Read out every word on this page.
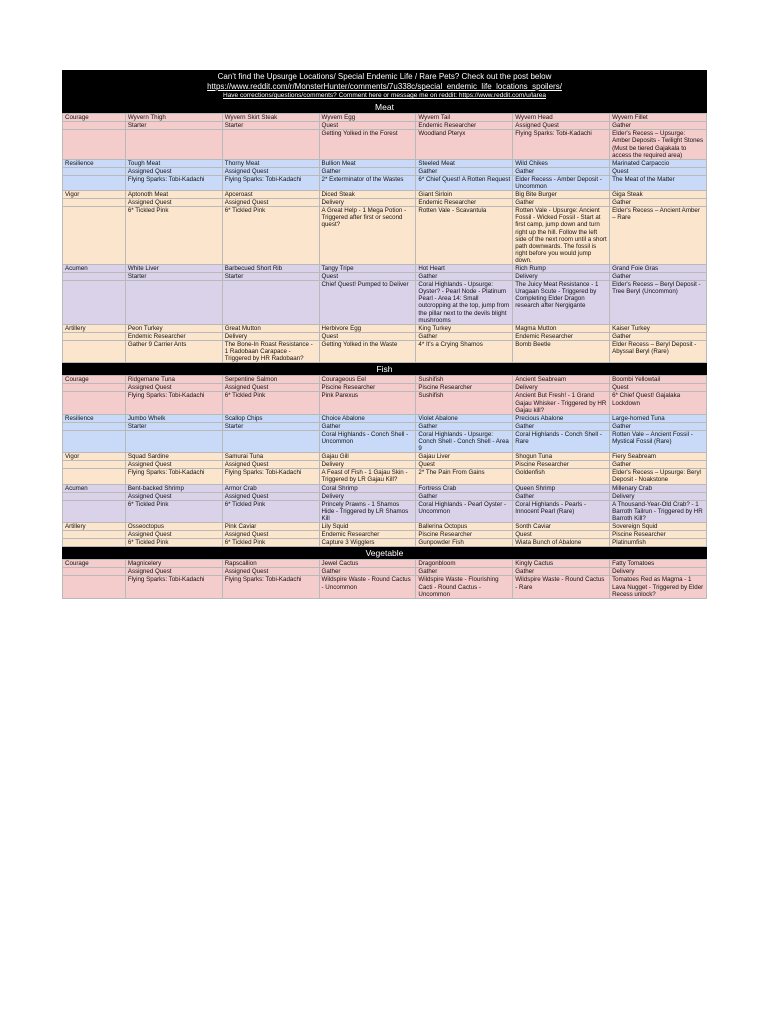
Can't find the Upsurge Locations/ Special Endemic Life / Rare Pets? Check out the post below
https://www.reddit.com/r/MonsterHunter/comments/7u338c/special_endemic_life_locations_spoilers/
Have corrections/questions/comments? Comment here or message me on reddit: https://www.reddit.com/u/larea
Meat
Courage	Wyvern Thigh	Wyvern Skirt Steak	Wyvern Egg	Wyvern Tail	Wyvern Head	Wyvern Fillet
	Starter	Starter	Quest	Endemic Researcher	Assigned Quest	Gather
			Getting Yolked in the Forest	Woodland Pteryx	Flying Sparks: Tobi-Kadachi	Elder's Recess – Upsurge: Amber Deposits - Twilight Stones (Must be tiered Gajakala to access the required area)
Resilience	Tough Meat	Thorny Meat	Bullion Meat	Steeled Meat	Wild Chikes	Marinated Carpaccio
	Assigned Quest	Assigned Quest	Gather	Gather	Gather	Quest
	Flying Sparks: Tobi-Kadachi	Flying Sparks: Tobi-Kadachi	2* Exterminator of the Wastes	6* Chief Quest! A Rotten Request	Elder Recess - Amber Deposit - Uncommon	The Meat of the Matter
Vigor	Aptonoth Meat	Apceroast	Diced Steak	Giant Sirloin	Big Bite Burger	Giga Steak
	Assigned Quest	Assigned Quest	Delivery	Endemic Researcher	Gather	Gather
	6* Tickled Pink	6* Tickled Pink	A Great Help - 1 Mega Potion - Triggered after first or second quest?	Rotten Vale - Scavantula	Rotten Vale - Upsurge: Ancient Fossil - Wicked Fossil - Start at first camp, jump down and turn right up the hill. Follow the left side of the next room until a short path downwards. The fossil is right before you would jump down.	Elder's Recess – Ancient Amber – Rare
Acumen	White Liver	Barbecued Short Rib	Tangy Tripe	Hot Heart	Rich Rump	Grand Foie Gras
	Starter	Starter	Quest	Gather	Delivery	Gather
			Chief Quest! Pumped to Deliver	Coral Highlands - Upsurge: Oyster? - Pearl Node - Platinum Pearl - Area 14: Small outcropping at the top, jump from the pillar next to the devils blight mushrooms	The Juicy Meat Resistance - 1 Uragaan Scute - Triggered by Completing Elder Dragon research after Nergigante	Elder's Recess – Beryl Deposit - Tree Beryl (Uncommon)
Artillery	Peon Turkey	Great Mutton	Herbivore Egg	King Turkey	Magma Mutton	Kaiser Turkey
	Endemic Researcher	Delivery	Quest	Gather	Endemic Researcher	Gather
	Gather 9 Carrier Ants	The Bone-In Roast Resistance - 1 Radobaan Carapace - Triggered by HR Radobaan?	Getting Yolked in the Waste	4* It's a Crying Shamos	Bomb Beetle	Elder Recess – Beryl Deposit - Abyssal Beryl (Rare)
Fish
Courage	Ridgemane Tuna	Serpentine Salmon	Courageous Eel	Sushifish	Ancient Seabream	Boombi Yellowtail
	Assigned Quest	Assigned Quest	Piscine Researcher	Piscine Researcher	Delivery	Quest
	Flying Sparks: Tobi-Kadachi	6* Tickled Pink	Pink Parexus	Sushifish	Ancient But Fresh! - 1 Grand Gajau Whisker - Triggered by HR Gajau kill?	6* Chief Quest! Gajalaka Lockdown
Resilience	Jumbo Whelk	Scallop Chips	Choice Abalone	Violet Abalone	Precious Abalone	Large-horned Tuna
	Starter	Starter	Gather	Gather	Gather	Gather
			Coral Highlands - Conch Shell - Uncommon	Coral Highlands - Upsurge: Conch Shell - Conch Shell - Area 9	Coral Highlands - Conch Shell - Rare	Rotten Vale – Ancient Fossil - Mystical Fossil (Rare)
Vigor	Squad Sardine	Samurai Tuna	Gajau Gill	Gajau Liver	Shogun Tuna	Fiery Seabream
	Assigned Quest	Assigned Quest	Delivery	Quest	Piscine Researcher	Gather
	Flying Sparks: Tobi-Kadachi	Flying Sparks: Tobi-Kadachi	A Feast of Fish - 1 Gajau Skin - Triggered by LR Gajau Kill?	2* The Pain From Gains	Goldenfish	Elder's Recess – Upsurge: Beryl Deposit - Noakstone
Acumen	Bent-backed Shrimp	Armor Crab	Coral Shrimp	Fortress Crab	Queen Shrimp	Millenary Crab
	Assigned Quest	Assigned Quest	Delivery	Gather	Gather	Delivery
	6* Tickled Pink	6* Tickled Pink	Princely Prawns - 1 Shamos Hide - Triggered by LR Shamos Kill	Coral Highlands - Pearl Oyster - Uncommon	Coral Highlands - Pearls - Innocent Pearl (Rare)	A Thousand-Year-Old Crab? - 1 Barroth Tailrun - Triggered by HR Barroth Kill?
Artillery	Osseoctopus	Pink Caviar	Lily Squid	Ballerina Octopus	Sonth Caviar	Sovereign Squid
	Assigned Quest	Assigned Quest	Endemic Researcher	Piscine Researcher	Quest	Piscine Researcher
	6* Tickled Pink	6* Tickled Pink	Capture 3 Wigglers	Gunpowder Fish	Wiata Bunch of Abalone	Platinumfish
Vegetable
Courage	Magnicelery	Rapscallion	Jewel Cactus	Dragonbloom	Kingly Cactus	Fatty Tomatoes
	Assigned Quest	Assigned Quest	Gather	Gather	Gather	Delivery
	Flying Sparks: Tobi-Kadachi	Flying Sparks: Tobi-Kadachi	Wildspire Waste - Round Cactus - Uncommon	Wildspire Waste - Flourishing Cacti - Round Cactus - Uncommon	Wildspire Waste - Round Cactus - Rare	Tomatoes Red as Magma - 1 Lava Nugget - Triggered by Elder Recess unlock?
